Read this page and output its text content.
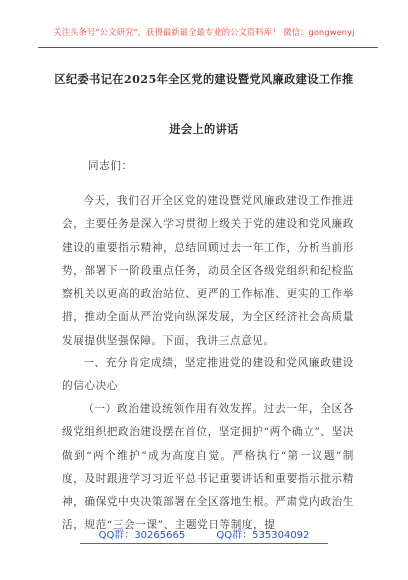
关注头条号“公文研究”，获得最新最全最专业的公文资料库！ 微信：gongwenyj
区纪委书记在2025年全区党的建设暨党风廉政建设工作推
进会上的讲话
同志们：
今天，我们召开全区党的建设暨党风廉政建设工作推进会，主要任务是深入学习贯彻上级关于党的建设和党风廉政建设的重要指示精神，总结回顾过去一年工作，分析当前形势，部署下一阶段重点任务，动员全区各级党组织和纪检监察机关以更高的政治站位、更严的工作标准、更实的工作举措，推动全面从严治党向纵深发展，为全区经济社会高质量发展提供坚强保障。下面，我讲三点意见。
一、充分肯定成绩，坚定推进党的建设和党风廉政建设的信心决心
（一）政治建设统领作用有效发挥。过去一年，全区各级党组织把政治建设摆在首位，坚定拥护“两个确立”、坚决做到“两个维护”成为高度自觉。严格执行“第一议题”制度，及时跟进学习习近平总书记重要讲话和重要指示批示精神，确保党中央决策部署在全区落地生根。严肃党内政治生活，规范“三会一课”、主题党日等制度，提
QQ群：30265665	QQ群：535304092
